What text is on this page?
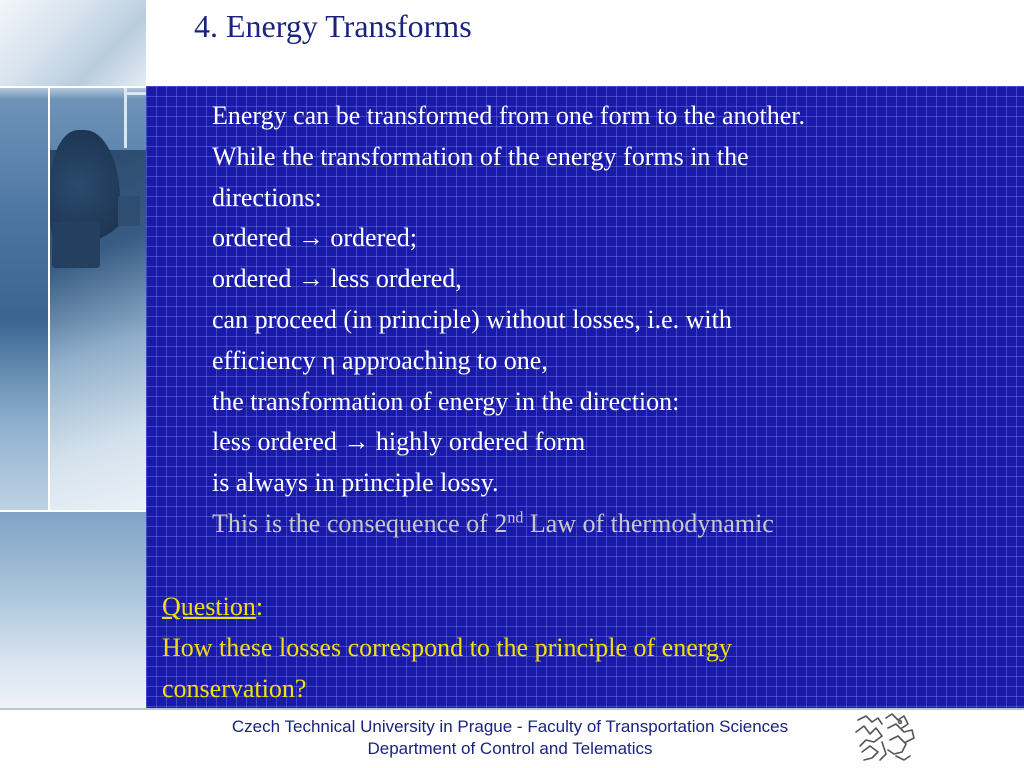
4. Energy Transforms
Energy can be transformed from one form to the another.
While the transformation of the energy forms in the
directions:
ordered → ordered;
ordered → less ordered,
can proceed (in principle) without losses, i.e. with
efficiency η approaching to one,
the transformation of energy in the direction:
less ordered → highly ordered form
is always in principle lossy.
This is the consequence of 2nd Law of thermodynamic
Question:
How these losses correspond to the principle of energy
conservation?
Czech Technical University in Prague - Faculty of Transportation Sciences
Department of Control and Telematics
